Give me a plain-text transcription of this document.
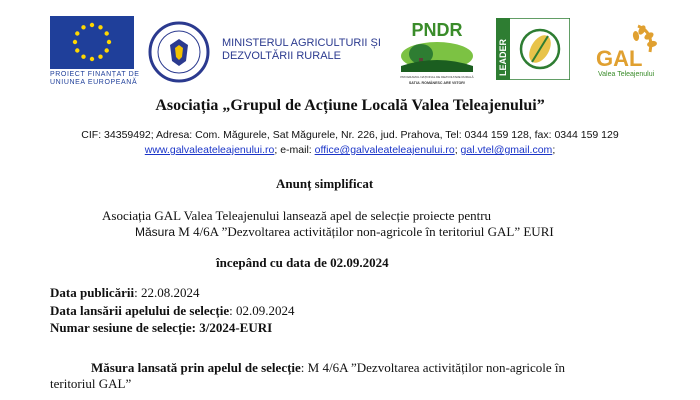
PROIECT FINANȚAT DE UNIUNEA EUROPEANĂ
MINISTERUL AGRICULTURII ȘI
DEZVOLTĂRII RURALE
PNDR
PROGRAMUL NAȚIONAL DE DEZVOLTARE RURALĂ
SATUL ROMÂNESC ARE VIITOR!
LEADER	GAL
Valea Teleajenului
Asociația „Grupul de Acțiune Locală Valea Teleajenului”
CIF: 34359492; Adresa: Com. Măgurele, Sat Măgurele, Nr. 226, jud. Prahova, Tel: 0344 159 128, fax: 0344 159 129
www.galvaleateleajenului.ro; e-mail: office@galvaleateleajenului.ro; gal.vtel@gmail.com;
Anunț simplificat
Asociația GAL Valea Teleajenului lansează apel de selecție proiecte pentru
Măsura M 4/6A ”Dezvoltarea activităților non-agricole în teritoriul GAL” EURI
începând cu data de 02.09.2024
Data publicării: 22.08.2024
Data lansării apelului de selecție: 02.09.2024
Numar sesiune de selecție: 3/2024-EURI
Măsura lansată prin apelul de selecție: M 4/6A ”Dezvoltarea activităților non-agricole în
teritoriul GAL”
